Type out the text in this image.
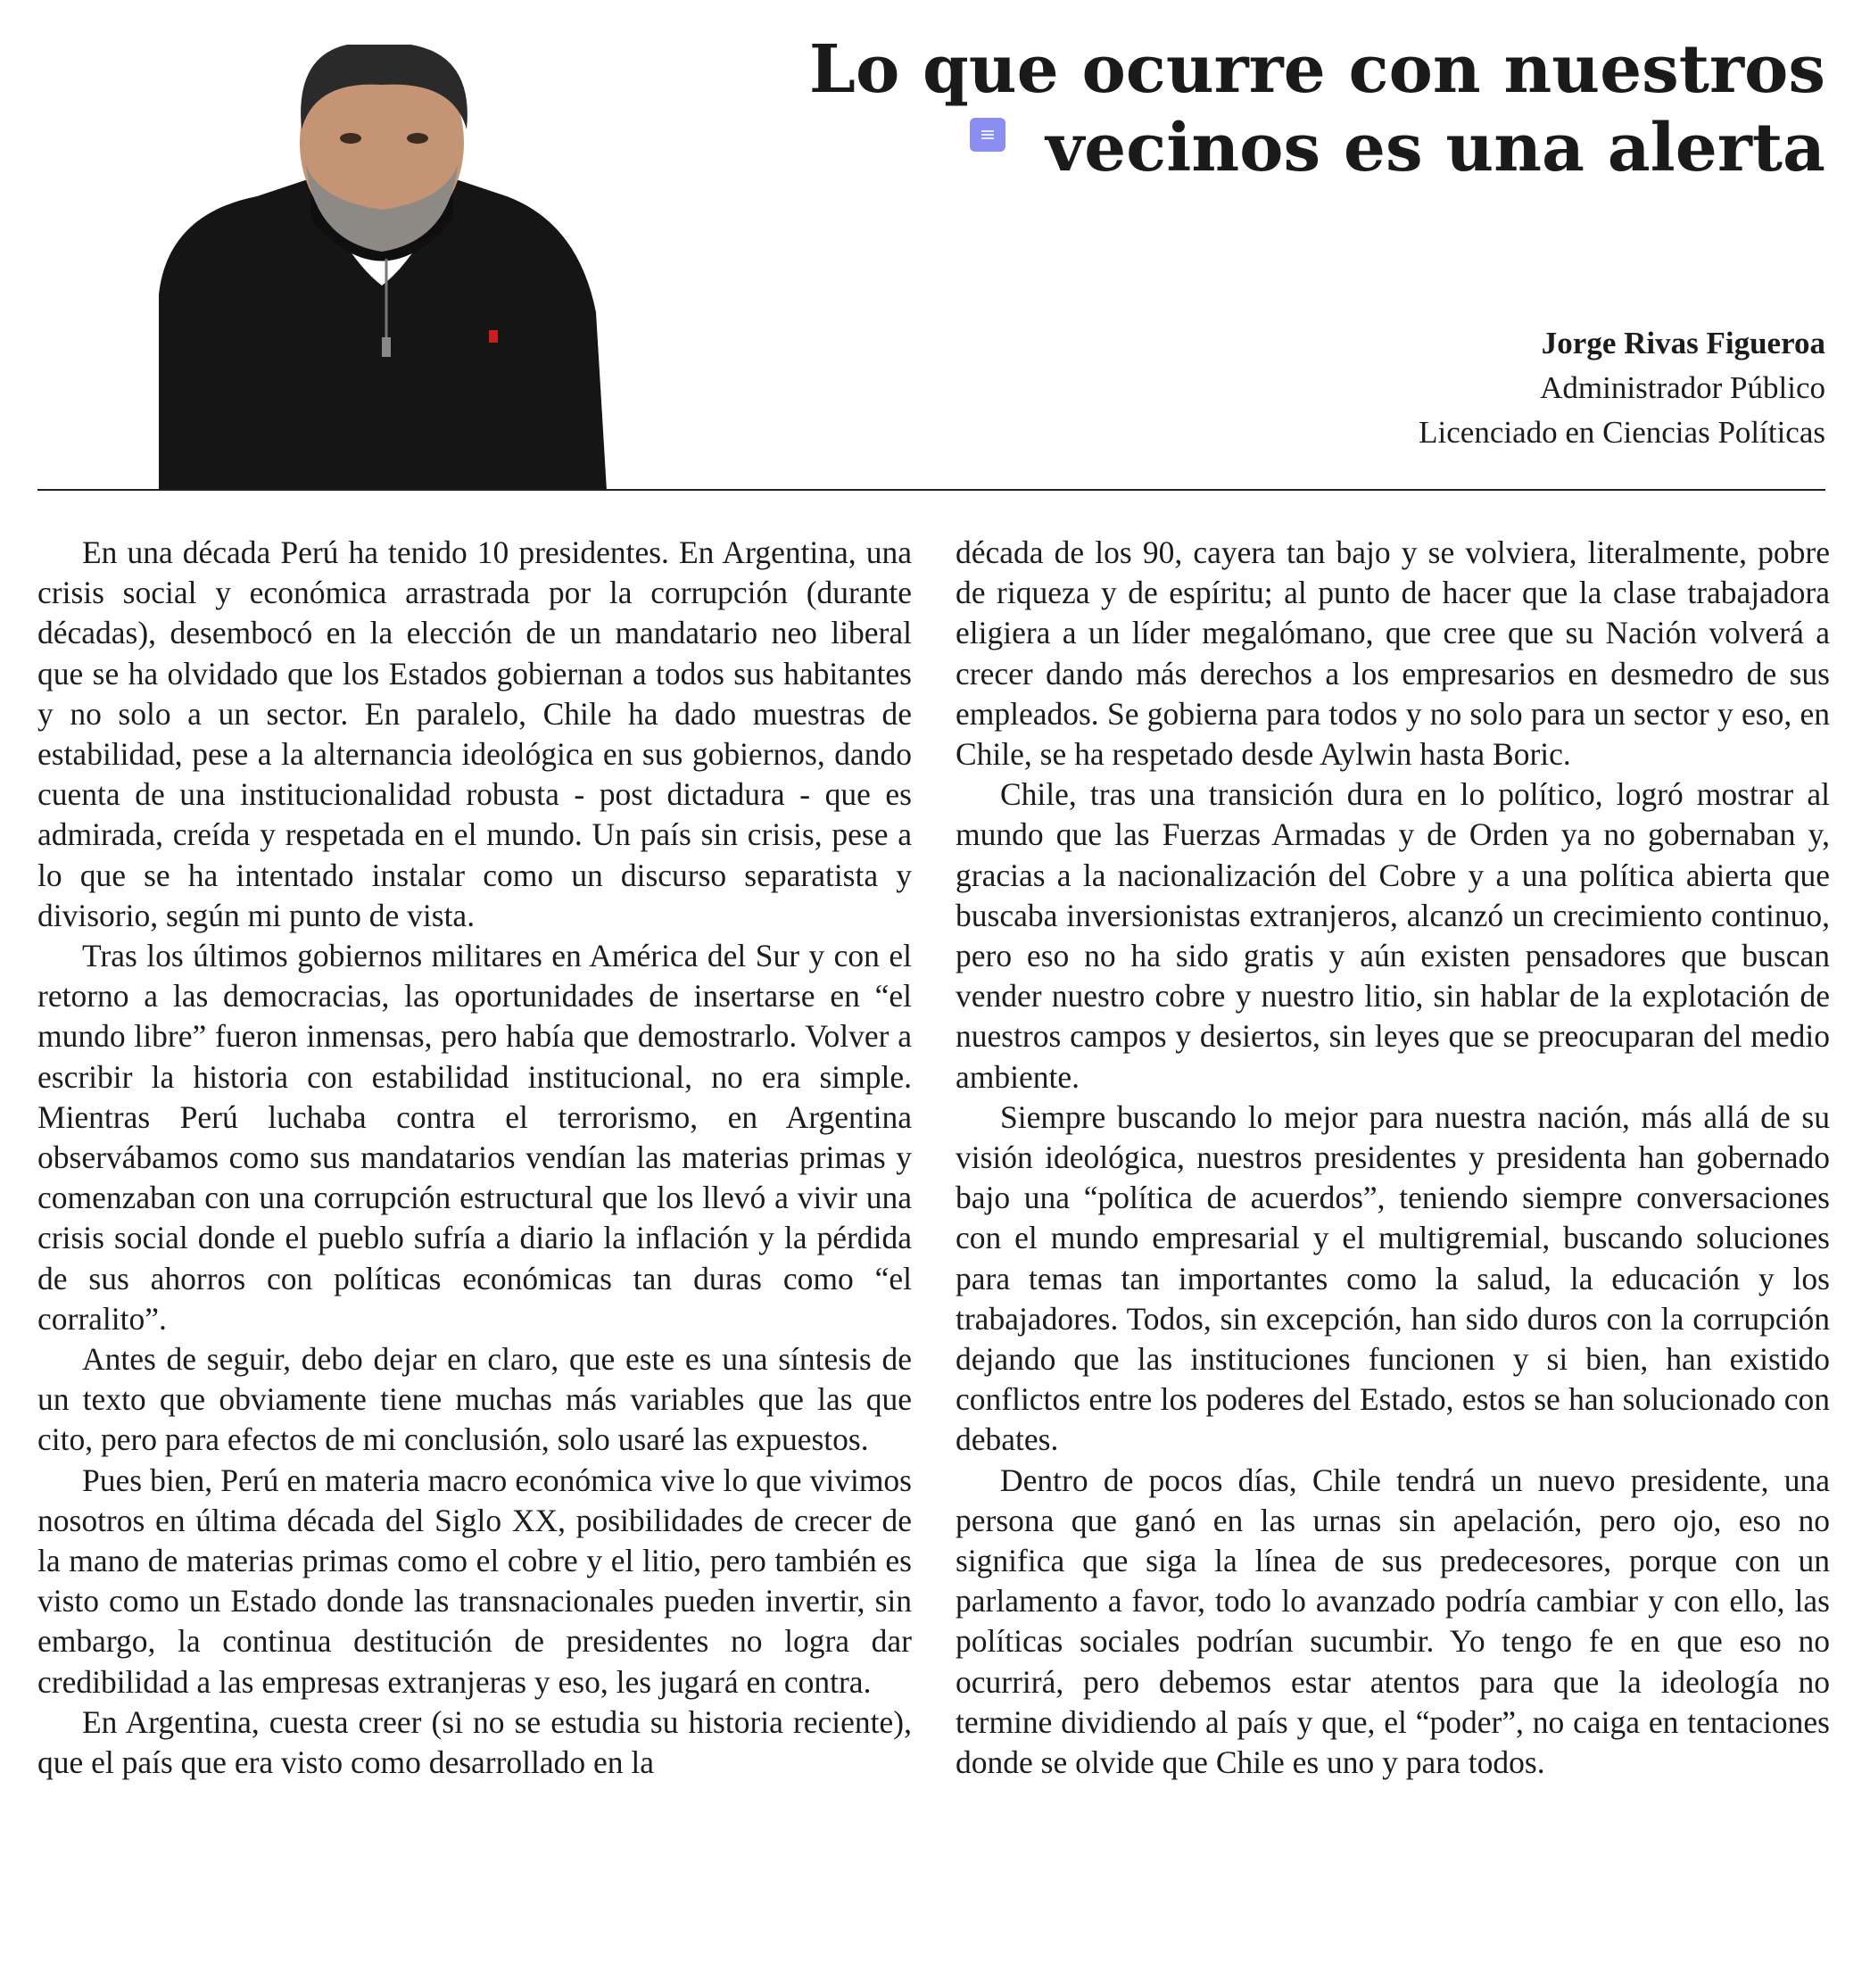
Lo que ocurre con nuestros
vecinos es una alerta
Jorge Rivas Figueroa
Administrador Público
Licenciado en Ciencias Políticas

En una década Perú ha tenido 10 presidentes. En Argentina, una crisis social y económica arrastrada por la corrupción (durante décadas), desembocó en la elección de un mandatario neo liberal que se ha olvidado que los Estados gobiernan a todos sus habitantes y no solo a un sector. En paralelo, Chile ha dado muestras de estabilidad, pese a la alternancia ideológica en sus gobiernos, dando cuenta de una institucionalidad robusta - post dictadura - que es admirada, creída y respetada en el mundo. Un país sin crisis, pese a lo que se ha intentado instalar como un discurso separatista y divisorio, según mi punto de vista.

Tras los últimos gobiernos militares en América del Sur y con el retorno a las democracias, las oportunidades de insertarse en “el mundo libre” fueron inmensas, pero había que demostrarlo. Volver a escribir la historia con estabilidad institucional, no era simple. Mientras Perú luchaba contra el terrorismo, en Argentina observábamos como sus mandatarios vendían las materias primas y comenzaban con una corrupción estructural que los llevó a vivir una crisis social donde el pueblo sufría a diario la inflación y la pérdida de sus ahorros con políticas económicas tan duras como “el corralito”.

Antes de seguir, debo dejar en claro, que este es una síntesis de un texto que obviamente tiene muchas más variables que las que cito, pero para efectos de mi conclusión, solo usaré las expuestos.

Pues bien, Perú en materia macro económica vive lo que vivimos nosotros en última década del Siglo XX, posibilidades de crecer de la mano de materias primas como el cobre y el litio, pero también es visto como un Estado donde las transnacionales pueden invertir, sin embargo, la continua destitución de presidentes no logra dar credibilidad a las empresas extranjeras y eso, les jugará en contra.

En Argentina, cuesta creer (si no se estudia su historia reciente), que el país que era visto como desarrollado en la

década de los 90, cayera tan bajo y se volviera, literalmente, pobre de riqueza y de espíritu; al punto de hacer que la clase trabajadora eligiera a un líder megalómano, que cree que su Nación volverá a crecer dando más derechos a los empresarios en desmedro de sus empleados. Se gobierna para todos y no solo para un sector y eso, en Chile, se ha respetado desde Aylwin hasta Boric.

Chile, tras una transición dura en lo político, logró mostrar al mundo que las Fuerzas Armadas y de Orden ya no gobernaban y, gracias a la nacionalización del Cobre y a una política abierta que buscaba inversionistas extranjeros, alcanzó un crecimiento continuo, pero eso no ha sido gratis y aún existen pensadores que buscan vender nuestro cobre y nuestro litio, sin hablar de la explotación de nuestros campos y desiertos, sin leyes que se preocuparan del medio ambiente.

Siempre buscando lo mejor para nuestra nación, más allá de su visión ideológica, nuestros presidentes y presidenta han gobernado bajo una “política de acuerdos”, teniendo siempre conversaciones con el mundo empresarial y el multigremial, buscando soluciones para temas tan importantes como la salud, la educación y los trabajadores. Todos, sin excepción, han sido duros con la corrupción dejando que las instituciones funcionen y si bien, han existido conflictos entre los poderes del Estado, estos se han solucionado con debates.

Dentro de pocos días, Chile tendrá un nuevo presidente, una persona que ganó en las urnas sin apelación, pero ojo, eso no significa que siga la línea de sus predecesores, porque con un parlamento a favor, todo lo avanzado podría cambiar y con ello, las políticas sociales podrían sucumbir. Yo tengo fe en que eso no ocurrirá, pero debemos estar atentos para que la ideología no termine dividiendo al país y que, el “poder”, no caiga en tentaciones donde se olvide que Chile es uno y para todos.
